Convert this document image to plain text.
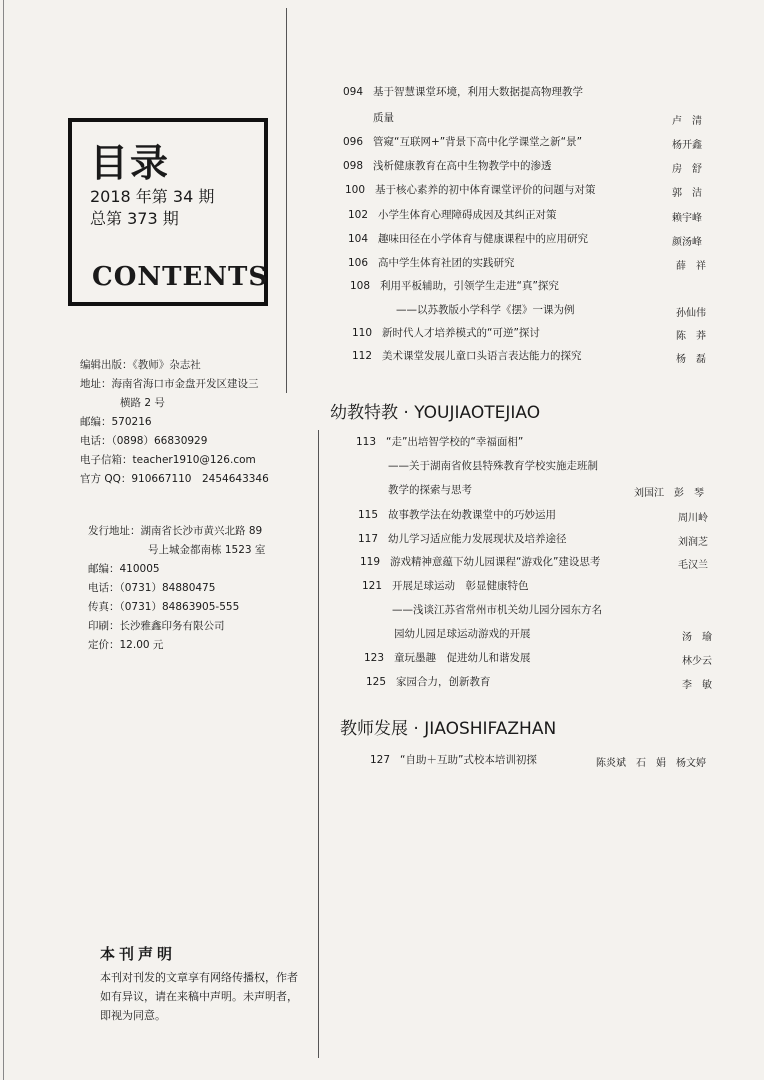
目录
2018 年第 34 期
总第 373 期
CONTENTS
编辑出版：《教师》杂志社
地址：海南省海口市金盘开发区建设三
横路 2 号
邮编：570216
电话：（0898）66830929
电子信箱：teacher1910@126.com
官方 QQ：910667110　2454643346
发行地址：湖南省长沙市黄兴北路 89
号上城金都南栋 1523 室
邮编：410005
电话：（0731）84880475
传真：（0731）84863905-555
印刷：长沙雅鑫印务有限公司
定价：12.00 元
本刊声明
本刊对刊发的文章享有网络传播权，作者如有异议，请在来稿中声明。未声明者，即视为同意。
094 基于智慧课堂环境，利用大数据提高物理教学
质量	卢　清
096 管窥“互联网+”背景下高中化学课堂之新“景”	杨开鑫
098 浅析健康教育在高中生物教学中的渗透	房　舒
100 基于核心素养的初中体育课堂评价的问题与对策	郭　洁
102 小学生体育心理障碍成因及其纠正对策	赖宇峰
104 趣味田径在小学体育与健康课程中的应用研究	颜汤峰
106 高中学生体育社团的实践研究	薛　祥
108 利用平板辅助，引领学生走进“真”探究
——以苏教版小学科学《摆》一课为例	孙仙伟
110 新时代人才培养模式的“可逆”探讨	陈　莽
112 美术课堂发展儿童口头语言表达能力的探究	杨　磊
幼教特教 · YOUJIAOTEJIAO
113 “走”出培智学校的“幸福面相”
——关于湖南省攸县特殊教育学校实施走班制
教学的探索与思考	刘国江　彭　琴
115 故事教学法在幼教课堂中的巧妙运用	周川岭
117 幼儿学习适应能力发展现状及培养途径	刘润芝
119 游戏精神意蕴下幼儿园课程“游戏化”建设思考	毛汉兰
121 开展足球运动　彰显健康特色
——浅谈江苏省常州市机关幼儿园分园东方名
园幼儿园足球运动游戏的开展	汤　瑜
123 童玩墨趣　促进幼儿和谐发展	林少云
125 家园合力，创新教育	李　敏
教师发展 · JIAOSHIFAZHAN
127 “自助＋互助”式校本培训初探	陈炎斌　石　娟　杨文婷
